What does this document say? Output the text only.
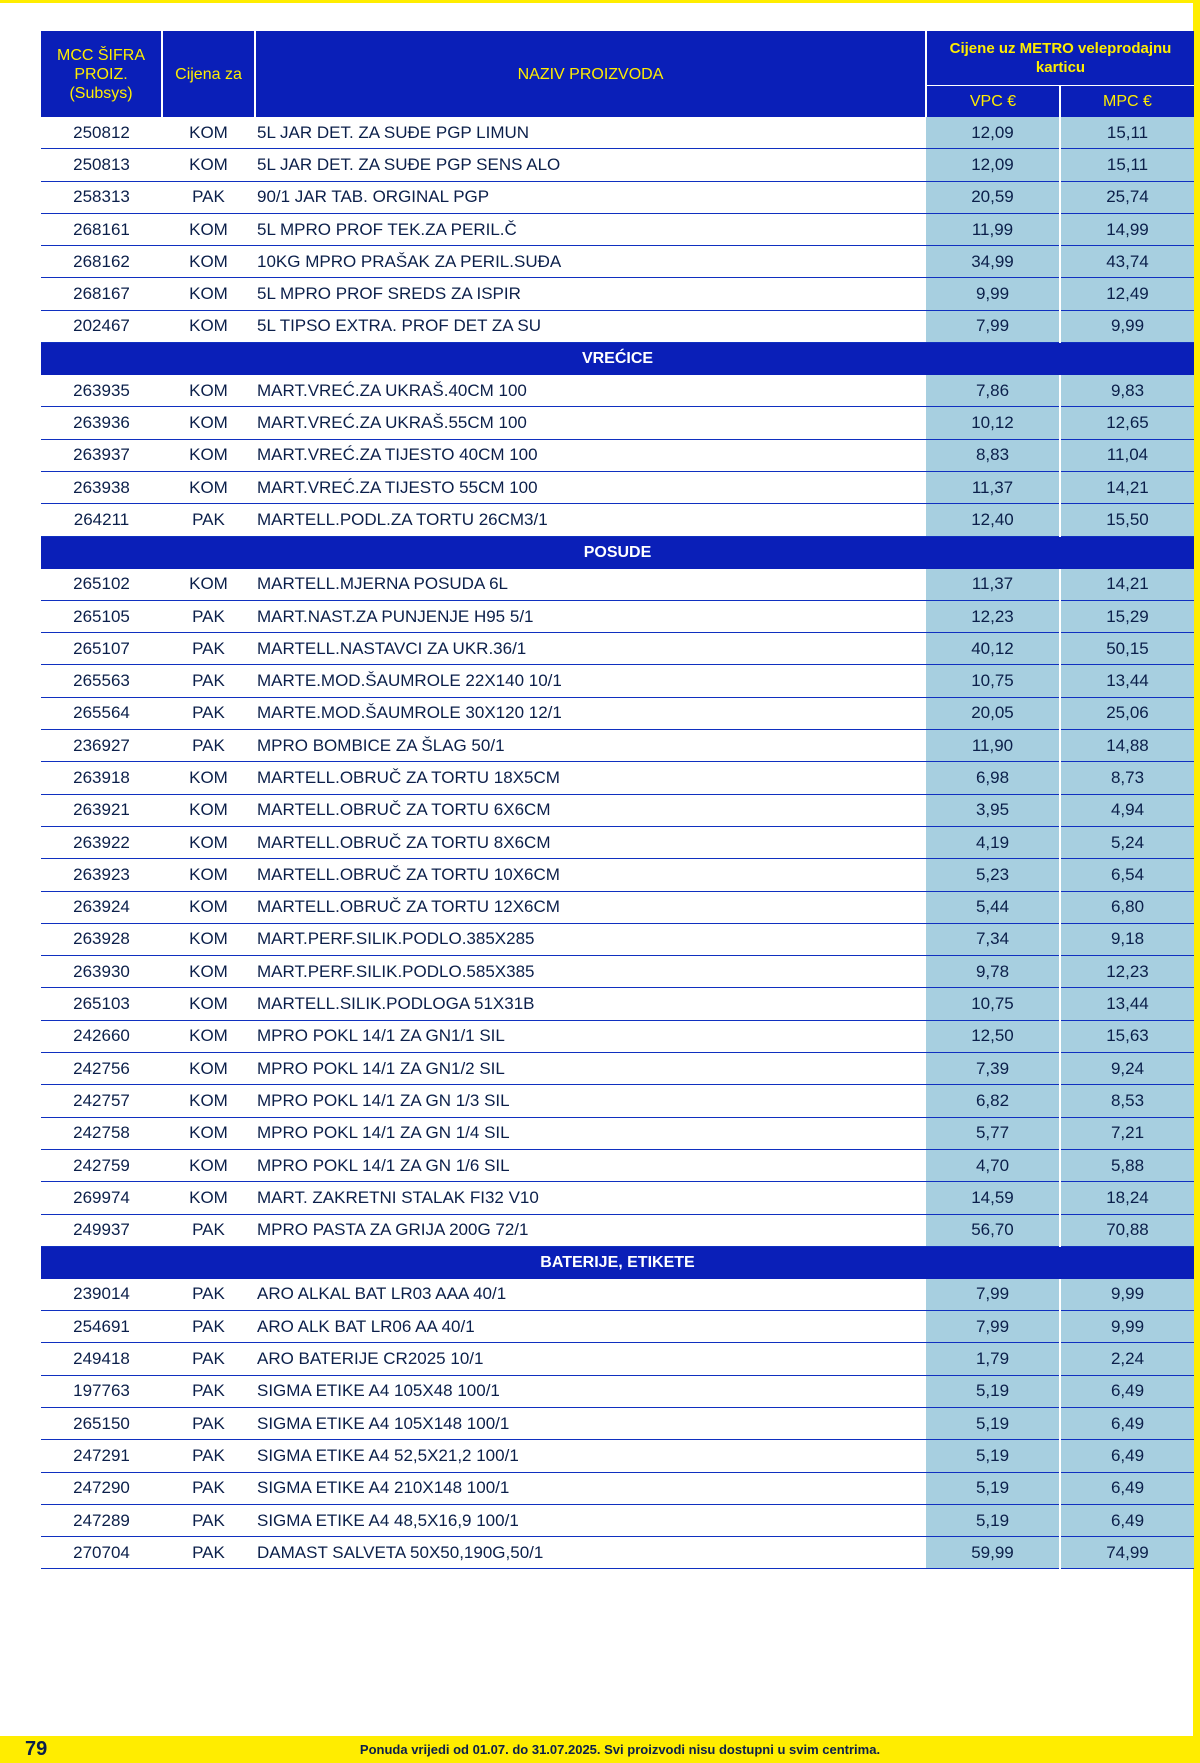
MCC ŠIFRA PROIZ. (Subsys)	Cijena za	NAZIV PROIZVODA	Cijene uz METRO veleprodajnu karticu	
			VPC €	MPC €
250812	KOM	5L JAR DET. ZA SUĐE PGP LIMUN	12,09	15,11
250813	KOM	5L JAR DET. ZA SUĐE PGP SENS ALO	12,09	15,11
258313	PAK	90/1 JAR TAB. ORGINAL PGP	20,59	25,74
268161	KOM	5L MPRO PROF TEK.ZA PERIL.Č	11,99	14,99
268162	KOM	10KG MPRO PRAŠAK ZA PERIL.SUĐA	34,99	43,74
268167	KOM	5L MPRO PROF SREDS ZA ISPIR	9,99	12,49
202467	KOM	5L TIPSO EXTRA. PROF DET ZA SU	7,99	9,99
VREĆICE				
263935	KOM	MART.VREĆ.ZA UKRAŠ.40CM 100	7,86	9,83
263936	KOM	MART.VREĆ.ZA UKRAŠ.55CM 100	10,12	12,65
263937	KOM	MART.VREĆ.ZA TIJESTO 40CM 100	8,83	11,04
263938	KOM	MART.VREĆ.ZA TIJESTO 55CM 100	11,37	14,21
264211	PAK	MARTELL.PODL.ZA TORTU 26CM3/1	12,40	15,50
POSUDE				
265102	KOM	MARTELL.MJERNA POSUDA 6L	11,37	14,21
265105	PAK	MART.NAST.ZA PUNJENJE H95 5/1	12,23	15,29
265107	PAK	MARTELL.NASTAVCI ZA UKR.36/1	40,12	50,15
265563	PAK	MARTE.MOD.ŠAUMROLE 22X140 10/1	10,75	13,44
265564	PAK	MARTE.MOD.ŠAUMROLE 30X120 12/1	20,05	25,06
236927	PAK	MPRO BOMBICE ZA ŠLAG 50/1	11,90	14,88
263918	KOM	MARTELL.OBRUČ ZA TORTU 18X5CM	6,98	8,73
263921	KOM	MARTELL.OBRUČ ZA TORTU 6X6CM	3,95	4,94
263922	KOM	MARTELL.OBRUČ ZA TORTU 8X6CM	4,19	5,24
263923	KOM	MARTELL.OBRUČ ZA TORTU 10X6CM	5,23	6,54
263924	KOM	MARTELL.OBRUČ ZA TORTU 12X6CM	5,44	6,80
263928	KOM	MART.PERF.SILIK.PODLO.385X285	7,34	9,18
263930	KOM	MART.PERF.SILIK.PODLO.585X385	9,78	12,23
265103	KOM	MARTELL.SILIK.PODLOGA 51X31B	10,75	13,44
242660	KOM	MPRO POKL 14/1 ZA GN1/1 SIL	12,50	15,63
242756	KOM	MPRO POKL 14/1 ZA GN1/2 SIL	7,39	9,24
242757	KOM	MPRO POKL 14/1 ZA GN 1/3 SIL	6,82	8,53
242758	KOM	MPRO POKL 14/1 ZA GN 1/4 SIL	5,77	7,21
242759	KOM	MPRO POKL 14/1 ZA GN 1/6 SIL	4,70	5,88
269974	KOM	MART. ZAKRETNI STALAK FI32 V10	14,59	18,24
249937	PAK	MPRO PASTA ZA GRIJA 200G 72/1	56,70	70,88
BATERIJE, ETIKETE				
239014	PAK	ARO ALKAL BAT LR03 AAA 40/1	7,99	9,99
254691	PAK	ARO ALK BAT LR06 AA 40/1	7,99	9,99
249418	PAK	ARO BATERIJE CR2025 10/1	1,79	2,24
197763	PAK	SIGMA ETIKE A4 105X48 100/1	5,19	6,49
265150	PAK	SIGMA ETIKE A4 105X148 100/1	5,19	6,49
247291	PAK	SIGMA ETIKE A4 52,5X21,2 100/1	5,19	6,49
247290	PAK	SIGMA ETIKE A4 210X148 100/1	5,19	6,49
247289	PAK	SIGMA ETIKE A4 48,5X16,9 100/1	5,19	6,49
270704	PAK	DAMAST SALVETA 50X50,190G,50/1	59,99	74,99
79	Ponuda vrijedi od 01.07. do 31.07.2025. Svi proizvodi nisu dostupni u svim centrima.
